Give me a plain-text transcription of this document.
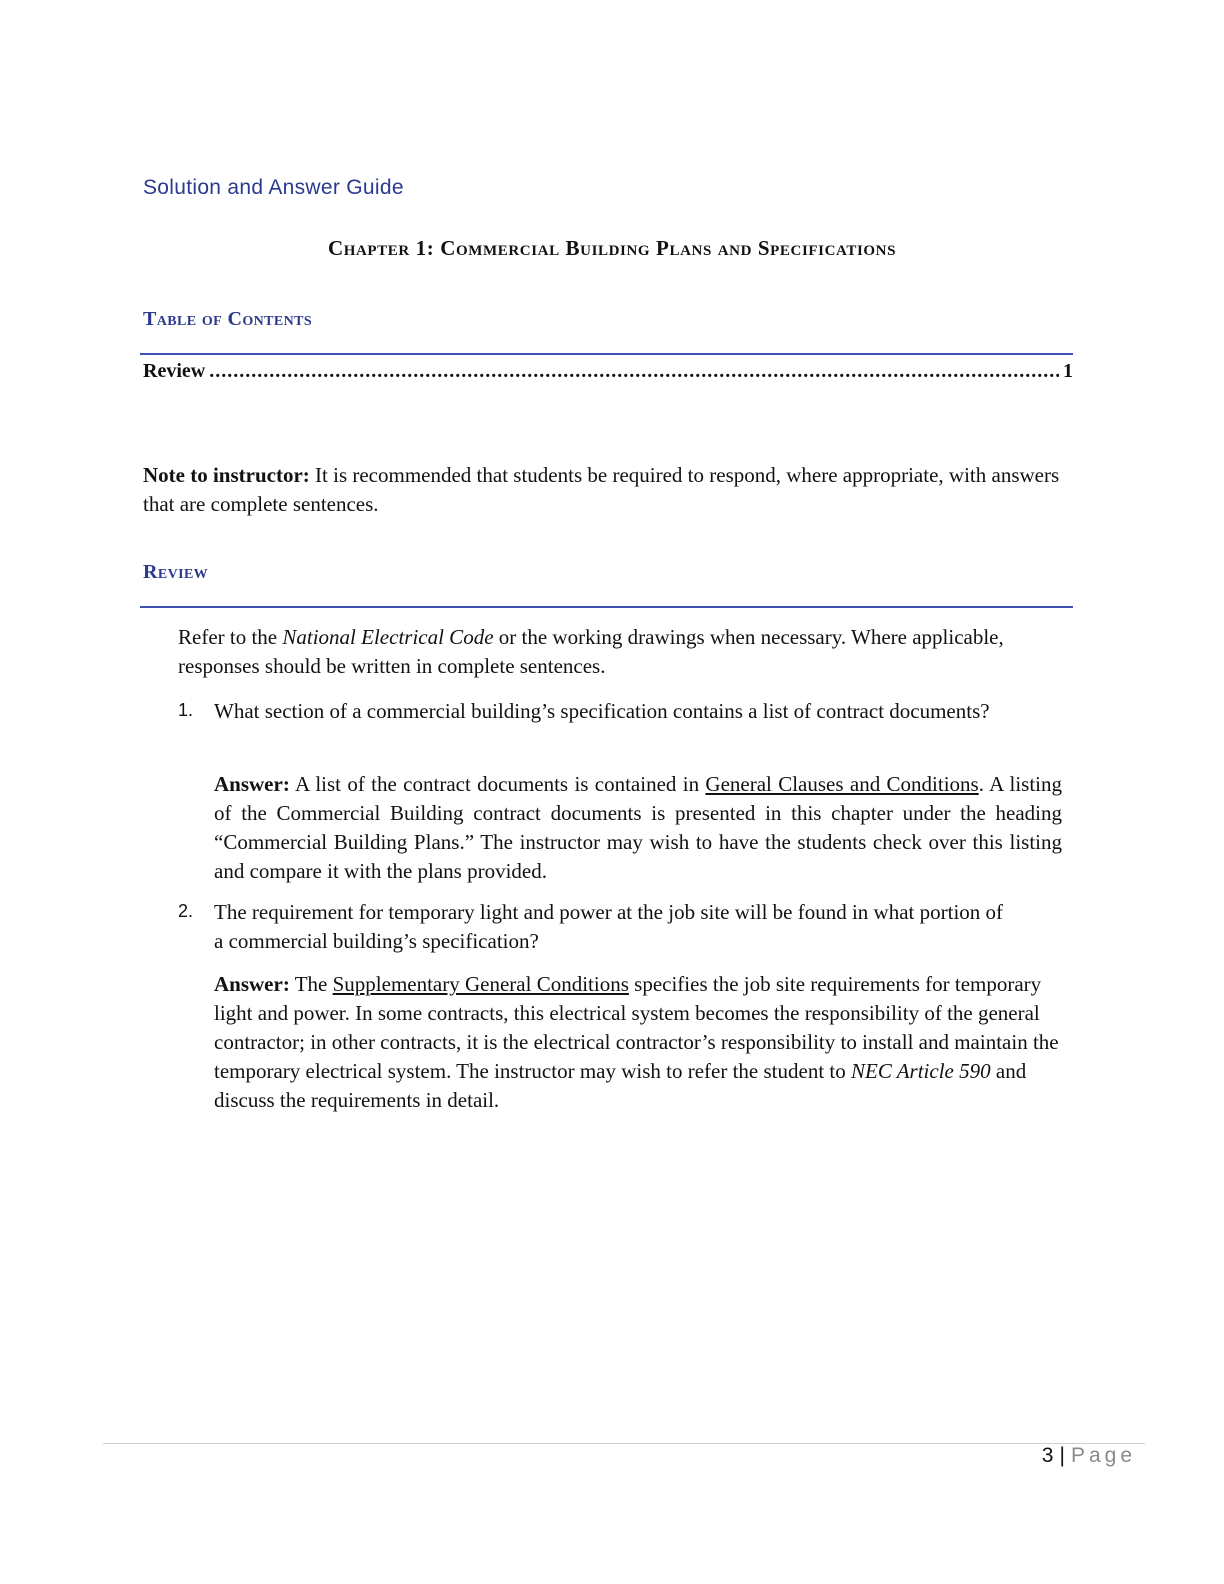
Solution and Answer Guide
Chapter 1: Commercial Building Plans and Specifications
Table of Contents
Review
.....	1
Note to instructor: It is recommended that students be required to respond, where appropriate, with answers that are complete sentences.
Review
Refer to the National Electrical Code or the working drawings when necessary. Where applicable, responses should be written in complete sentences.
1. What section of a commercial building’s specification contains a list of contract documents?
Answer: A list of the contract documents is contained in General Clauses and Conditions. A listing of the Commercial Building contract documents is presented in this chapter under the heading “Commercial Building Plans.” The instructor may wish to have the students check over this listing and compare it with the plans provided.
2. The requirement for temporary light and power at the job site will be found in what portion of a commercial building’s specification?
Answer: The Supplementary General Conditions specifies the job site requirements for temporary light and power. In some contracts, this electrical system becomes the responsibility of the general contractor; in other contracts, it is the electrical contractor’s responsibility to install and maintain the temporary electrical system. The instructor may wish to refer the student to NEC Article 590 and discuss the requirements in detail.
3 | Page
